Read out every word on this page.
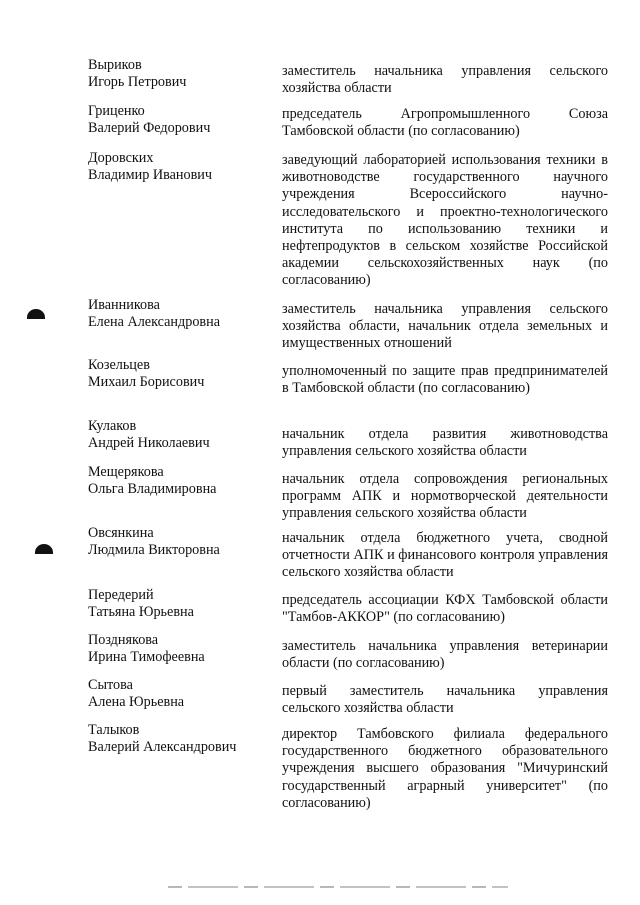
Выриков
Игорь Петрович
заместитель начальника управления сельского хозяйства области
Гриценко
Валерий Федорович
председатель Агропромышленного Союза Тамбовской области (по согласованию)
Доровских
Владимир Иванович
заведующий лабораторией использования техники в животноводстве государственного научного учреждения Всероссийского научно-исследовательского и проектно-технологического института по использованию техники и нефтепродуктов в сельском хозяйстве Российской академии сельскохозяйственных наук (по согласованию)
Иванникова
Елена Александровна
заместитель начальника управления сельского хозяйства области, начальник отдела земельных и имущественных отношений
Козельцев
Михаил Борисович
уполномоченный по защите прав предпринимателей в Тамбовской области (по согласованию)
Кулаков
Андрей Николаевич
начальник отдела развития животноводства управления сельского хозяйства области
Мещерякова
Ольга Владимировна
начальник отдела сопровождения региональных программ АПК и нормотворческой деятельности управления сельского хозяйства области
Овсянкина
Людмила Викторовна
начальник отдела бюджетного учета, сводной отчетности АПК и финансового контроля управления сельского хозяйства области
Передерий
Татьяна Юрьевна
председатель ассоциации КФХ Тамбовской области "Тамбов-АККОР" (по согласованию)
Позднякова
Ирина Тимофеевна
заместитель начальника управления ветеринарии области (по согласованию)
Сытова
Алена Юрьевна
первый заместитель начальника управления сельского хозяйства области
Талыков
Валерий Александрович
директор Тамбовского филиала федерального государственного бюджетного образовательного учреждения высшего образования "Мичуринский государственный аграрный университет" (по согласованию)
